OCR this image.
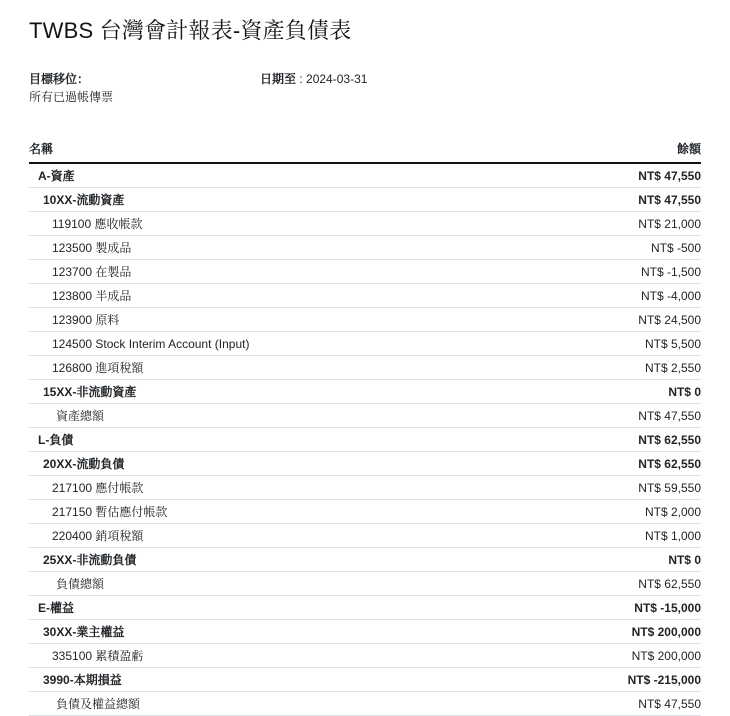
TWBS 台灣會計報表-資產負債表
目標移位：
所有已過帳傳票
日期至 : 2024-03-31
名稱	餘額
A-資產	NT$ 47,550
10XX-流動資產	NT$ 47,550
119100 應收帳款	NT$ 21,000
123500 製成品	NT$ -500
123700 在製品	NT$ -1,500
123800 半成品	NT$ -4,000
123900 原料	NT$ 24,500
124500 Stock Interim Account (Input)	NT$ 5,500
126800 進項稅額	NT$ 2,550
15XX-非流動資產	NT$ 0
資產總額	NT$ 47,550
L-負債	NT$ 62,550
20XX-流動負債	NT$ 62,550
217100 應付帳款	NT$ 59,550
217150 暫估應付帳款	NT$ 2,000
220400 銷項稅額	NT$ 1,000
25XX-非流動負債	NT$ 0
負債總額	NT$ 62,550
E-權益	NT$ -15,000
30XX-業主權益	NT$ 200,000
335100 累積盈虧	NT$ 200,000
3990-本期損益	NT$ -215,000
負債及權益總額	NT$ 47,550
